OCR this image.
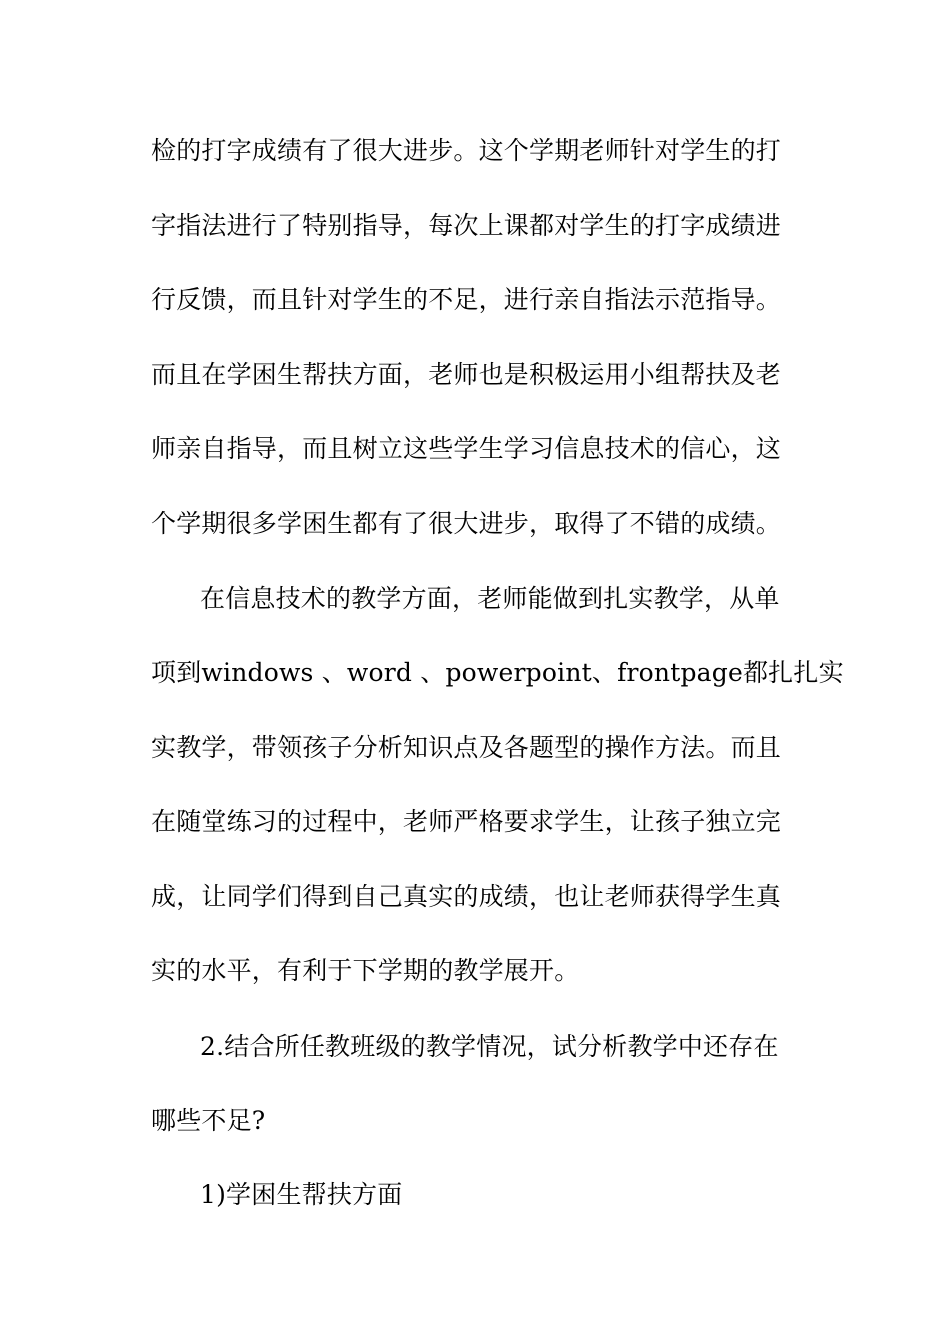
检的打字成绩有了很大进步。这个学期老师针对学生的打

字指法进行了特别指导，每次上课都对学生的打字成绩进

行反馈，而且针对学生的不足，进行亲自指法示范指导。

而且在学困生帮扶方面，老师也是积极运用小组帮扶及老

师亲自指导，而且树立这些学生学习信息技术的信心，这

个学期很多学困生都有了很大进步，取得了不错的成绩。

在信息技术的教学方面，老师能做到扎实教学，从单

项到windows 、word 、powerpoint、frontpage都扎扎实

实教学，带领孩子分析知识点及各题型的操作方法。而且

在随堂练习的过程中，老师严格要求学生，让孩子独立完

成，让同学们得到自己真实的成绩，也让老师获得学生真

实的水平，有利于下学期的教学展开。

2.结合所任教班级的教学情况，试分析教学中还存在

哪些不足?

1)学困生帮扶方面
